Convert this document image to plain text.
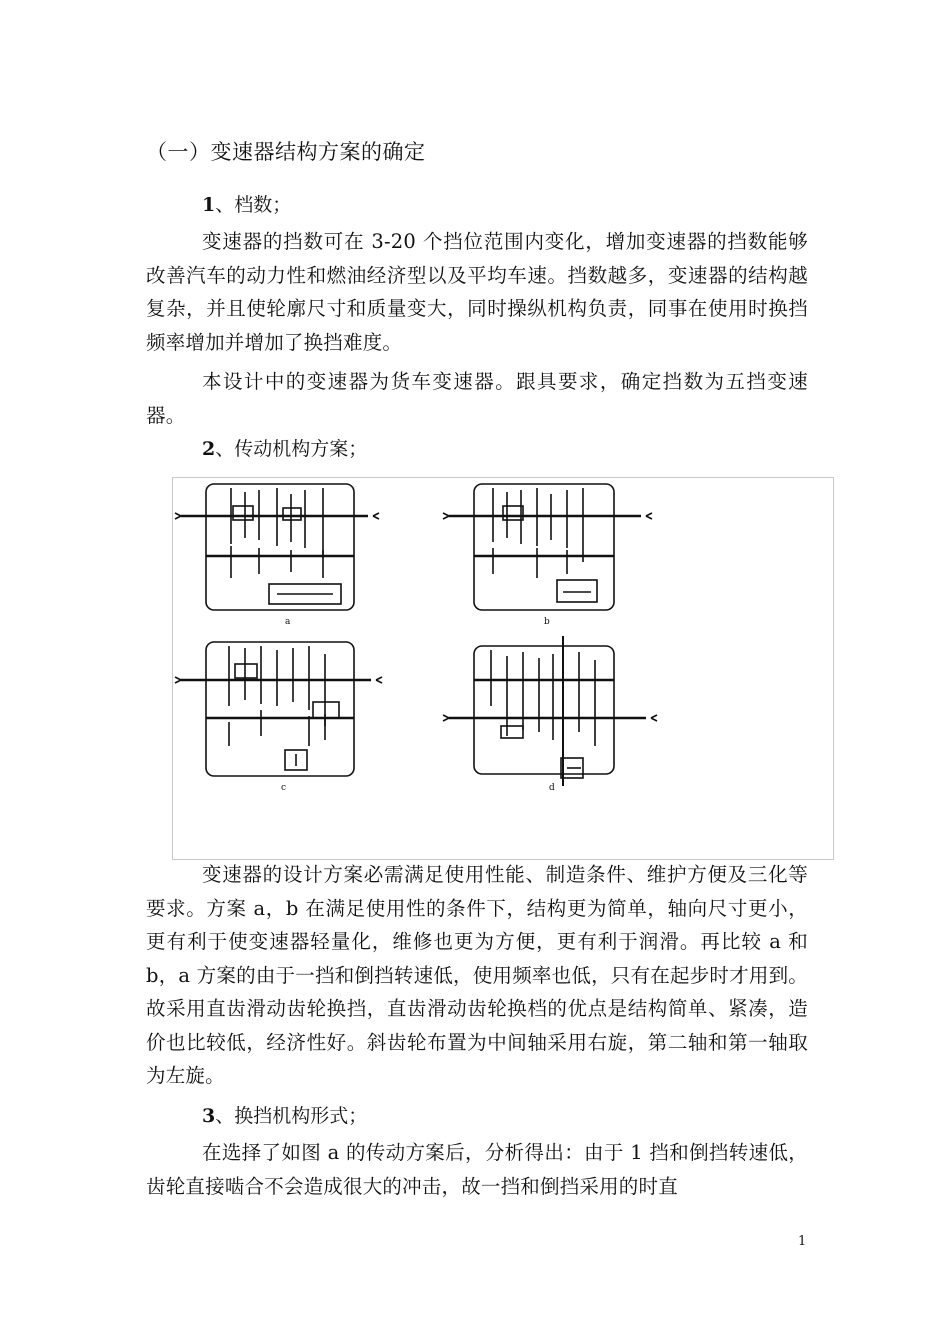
（一）变速器结构方案的确定
1、档数；
变速器的挡数可在 3-20 个挡位范围内变化，增加变速器的挡数能够改善汽车的动力性和燃油经济型以及平均车速。挡数越多，变速器的结构越复杂，并且使轮廓尺寸和质量变大，同时操纵机构负责，同事在使用时换挡频率增加并增加了换挡难度。
本设计中的变速器为货车变速器。跟具要求，确定挡数为五挡变速器。
2、传动机构方案；
a	b
c	d
变速器的设计方案必需满足使用性能、制造条件、维护方便及三化等要求。方案 a，b 在满足使用性的条件下，结构更为简单，轴向尺寸更小，更有利于使变速器轻量化，维修也更为方便，更有利于润滑。再比较 a 和 b，a 方案的由于一挡和倒挡转速低，使用频率也低，只有在起步时才用到。故采用直齿滑动齿轮换挡，直齿滑动齿轮换档的优点是结构简单、紧凑，造价也比较低，经济性好。斜齿轮布置为中间轴采用右旋，第二轴和第一轴取为左旋。
3、换挡机构形式；
在选择了如图 a 的传动方案后，分析得出：由于 1 挡和倒挡转速低，齿轮直接啮合不会造成很大的冲击，故一挡和倒挡采用的时直
1
